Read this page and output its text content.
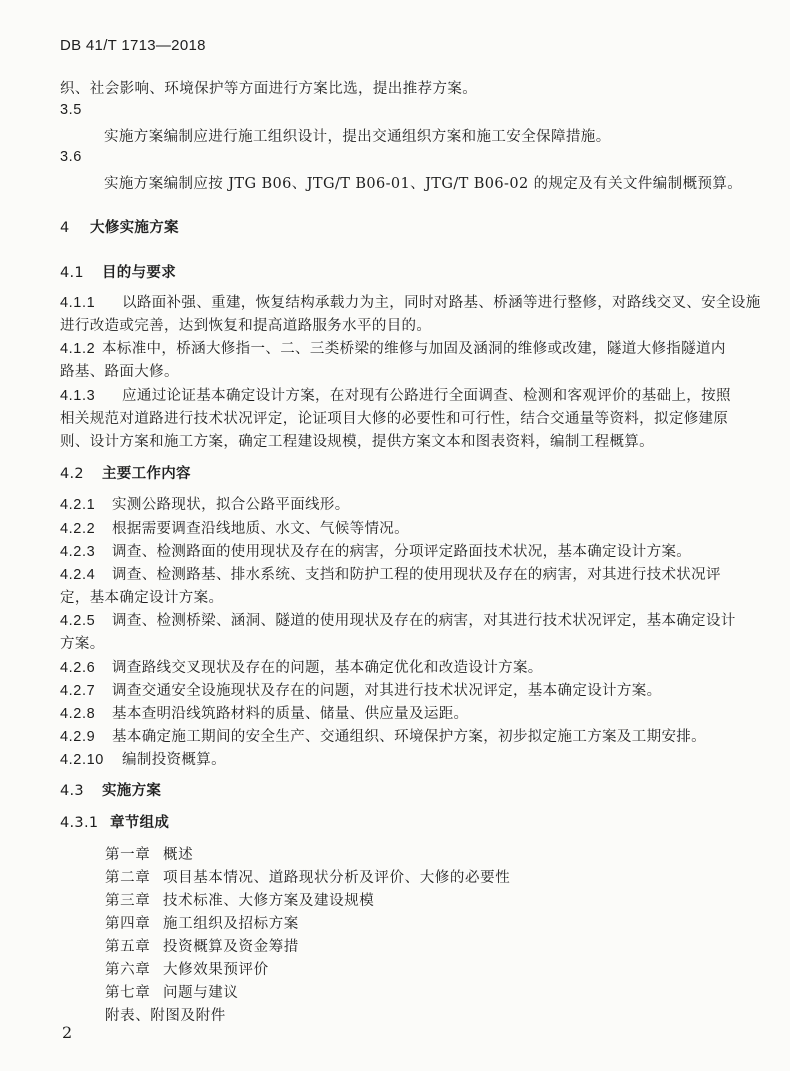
DB 41/T 1713—2018
织、社会影响、环境保护等方面进行方案比选，提出推荐方案。
3.5
实施方案编制应进行施工组织设计，提出交通组织方案和施工安全保障措施。
3.6
实施方案编制应按 JTG B06、JTG/T B06-01、JTG/T B06-02 的规定及有关文件编制概预算。
4 大修实施方案
4.1 目的与要求
4.1.1 以路面补强、重建，恢复结构承载力为主，同时对路基、桥涵等进行整修，对路线交叉、安全设施
进行改造或完善，达到恢复和提高道路服务水平的目的。
4.1.2 本标准中，桥涵大修指一、二、三类桥梁的维修与加固及涵洞的维修或改建，隧道大修指隧道内
路基、路面大修。
4.1.3 应通过论证基本确定设计方案，在对现有公路进行全面调查、检测和客观评价的基础上，按照
相关规范对道路进行技术状况评定，论证项目大修的必要性和可行性，结合交通量等资料，拟定修建原
则、设计方案和施工方案，确定工程建设规模，提供方案文本和图表资料，编制工程概算。
4.2 主要工作内容
4.2.1 实测公路现状，拟合公路平面线形。
4.2.2 根据需要调查沿线地质、水文、气候等情况。
4.2.3 调查、检测路面的使用现状及存在的病害，分项评定路面技术状况，基本确定设计方案。
4.2.4 调查、检测路基、排水系统、支挡和防护工程的使用现状及存在的病害，对其进行技术状况评
定，基本确定设计方案。
4.2.5 调查、检测桥梁、涵洞、隧道的使用现状及存在的病害，对其进行技术状况评定，基本确定设计
方案。
4.2.6 调查路线交叉现状及存在的问题，基本确定优化和改造设计方案。
4.2.7 调查交通安全设施现状及存在的问题，对其进行技术状况评定，基本确定设计方案。
4.2.8 基本查明沿线筑路材料的质量、储量、供应量及运距。
4.2.9 基本确定施工期间的安全生产、交通组织、环境保护方案，初步拟定施工方案及工期安排。
4.2.10 编制投资概算。
4.3 实施方案
4.3.1 章节组成
第一章 概述
第二章 项目基本情况、道路现状分析及评价、大修的必要性
第三章 技术标准、大修方案及建设规模
第四章 施工组织及招标方案
第五章 投资概算及资金筹措
第六章 大修效果预评价
第七章 问题与建议
附表、附图及附件
2
